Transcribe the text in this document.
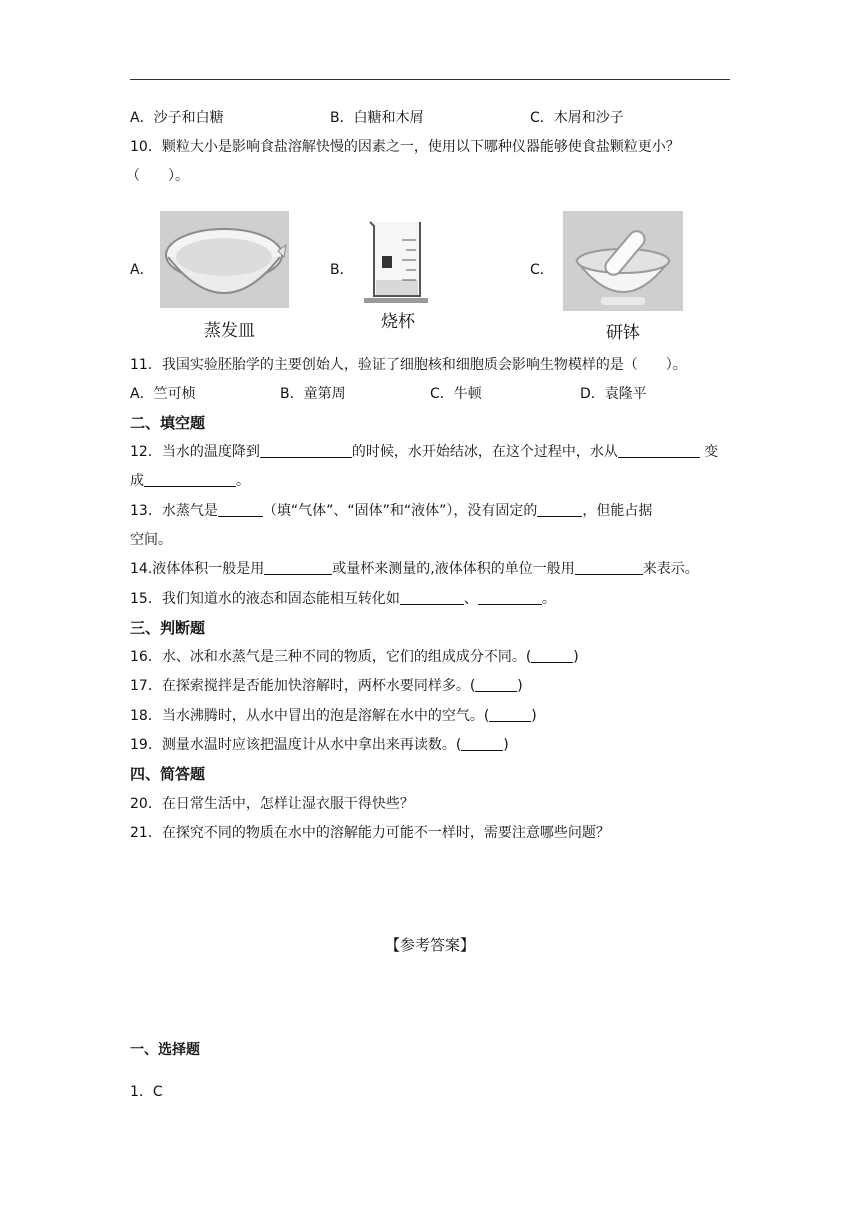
A．沙子和白糖	B．白糖和木屑	C．木屑和沙子
10．颗粒大小是影响食盐溶解快慢的因素之一，使用以下哪种仪器能够使食盐颗粒更小？
（　　）。
A．
蒸发皿
B．
烧杯
C．
研钵
11．我国实验胚胎学的主要创始人，验证了细胞核和细胞质会影响生物模样的是（　　）。
A．竺可桢	B．童第周	C．牛顿	D．袁隆平
二、填空题
12．当水的温度降到	的时候，水开始结冰，在这个过程中，水从	变
成	。
13．水蒸气是	（填“气体”、“固体”和“液体”），没有固定的	，但能占据
空间。
14.液体体积一般是用	或量杯来测量的,液体体积的单位一般用	来表示。
15．我们知道水的液态和固态能相互转化如	、	。
三、判断题
16．水、冰和水蒸气是三种不同的物质，它们的组成成分不同。(	)
17．在探索搅拌是否能加快溶解时，两杯水要同样多。(	)
18．当水沸腾时，从水中冒出的泡是溶解在水中的空气。(	)
19．测量水温时应该把温度计从水中拿出来再读数。(	)
四、简答题
20．在日常生活中，怎样让湿衣服干得快些？
21．在探究不同的物质在水中的溶解能力可能不一样时，需要注意哪些问题？
【参考答案】
一、选择题
1．C
